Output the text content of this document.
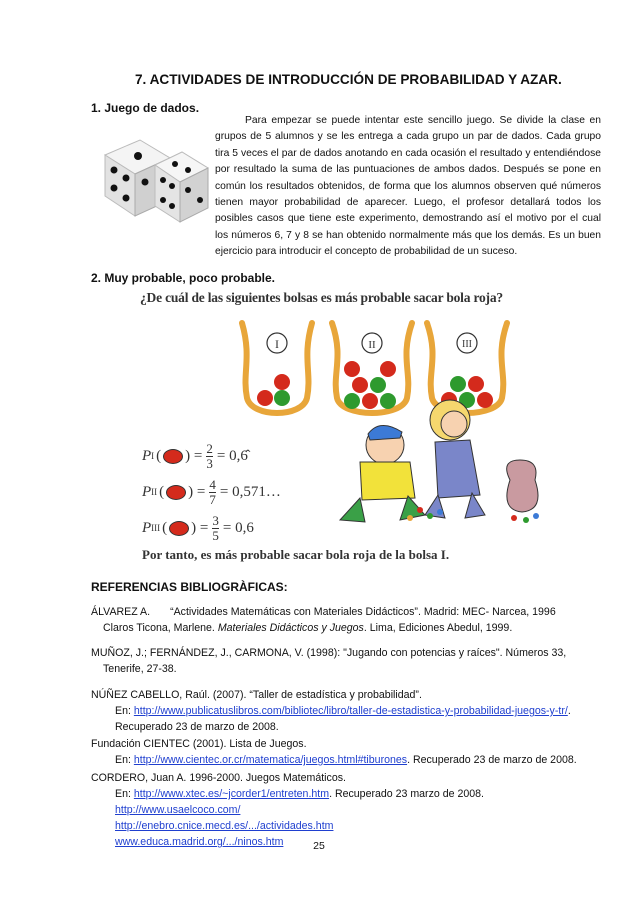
7. ACTIVIDADES DE INTRODUCCIÓN DE PROBABILIDAD Y AZAR.
1. Juego de dados.
Para empezar se puede intentar este sencillo juego. Se divide la clase en grupos de 5 alumnos y se les entrega a cada grupo un par de dados. Cada grupo tira 5 veces el par de dados anotando en cada ocasión el resultado y entendiéndose por resultado la suma de las puntuaciones de ambos dados. Después se pone en común los resultados obtenidos, de forma que los alumnos observen qué números tienen mayor probabilidad de aparecer. Luego, el profesor detallará todos los posibles casos que tiene este experimento, demostrando así el motivo por el cual los números 6, 7 y 8 se han obtenido normalmente más que los demás. Es un buen ejercicio para introducir el concepto de probabilidad de un suceso.
2. Muy probable, poco probable.
¿De cuál de las siguientes bolsas es más probable sacar bola roja?
I	II	III
P I ( ) = $\frac{2}{3}$ = 0,6̂
P II ( ) = $\frac{4}{7}$ = 0,571…
P III ( ) = $\frac{3}{5} = 0,6$
Por tanto, es más probable sacar bola roja de la bolsa I.
REFERENCIAS BIBLIOGRÀFICAS:
ÁLVAREZ A. “Actividades Matemáticas con Materiales Didácticos”. Madrid: MEC- Narcea, 1996
Claros Ticona, Marlene. Materiales Didácticos y Juegos. Lima, Ediciones Abedul, 1999.
MUÑOZ, J.; FERNÁNDEZ, J., CARMONA, V. (1998): "Jugando con potencias y raíces". Números 33,
Tenerife, 27-38.
NÚÑEZ CABELLO, Raúl. (2007). “Taller de estadística y probabilidad”.
En: http://www.publicatuslibros.com/bibliotec/libro/taller-de-estadistica-y-probabilidad-juegos-y-tr/.
Recuperado 23 de marzo de 2008.
Fundación CIENTEC (2001). Lista de Juegos.
En: http://www.cientec.or.cr/matematica/juegos.html#tiburones. Recuperado 23 de marzo de 2008.
CORDERO, Juan A. 1996-2000. Juegos Matemáticos.
En: http://www.xtec.es/~jcorder1/entreten.htm. Recuperado 23 marzo de 2008.
http://www.usaelcoco.com/
http://enebro.cnice.mecd.es/.../actividades.htm
www.educa.madrid.org/.../ninos.htm	25
